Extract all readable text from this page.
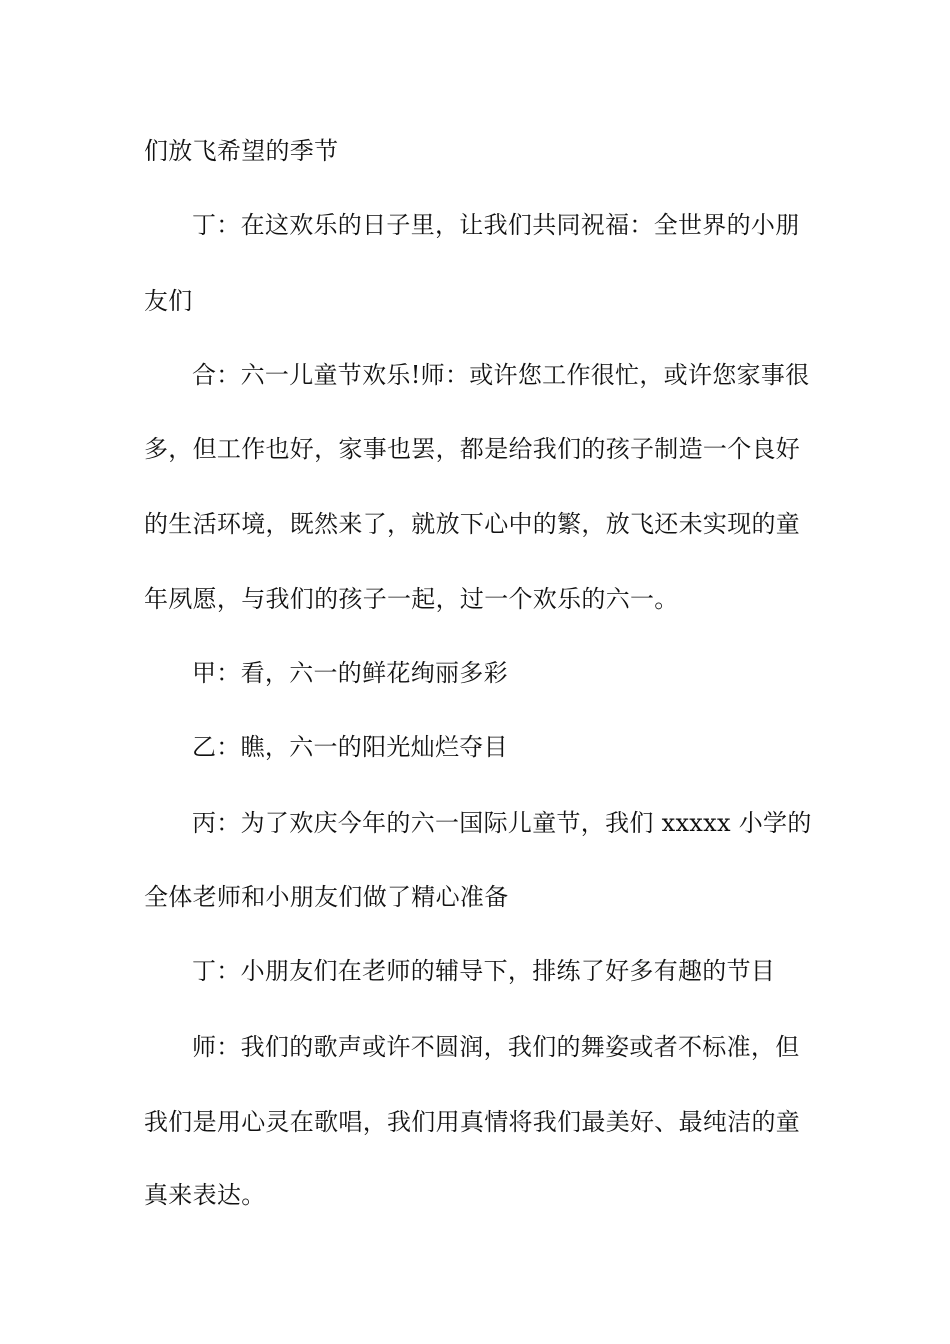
们放飞希望的季节
丁：在这欢乐的日子里，让我们共同祝福：全世界的小朋
友们
合：六一儿童节欢乐!师：或许您工作很忙，或许您家事很
多，但工作也好，家事也罢，都是给我们的孩子制造一个良好
的生活环境，既然来了，就放下心中的繁，放飞还未实现的童
年夙愿，与我们的孩子一起，过一个欢乐的六一。
甲：看，六一的鲜花绚丽多彩
乙：瞧，六一的阳光灿烂夺目
丙：为了欢庆今年的六一国际儿童节，我们 xxxxx 小学的
全体老师和小朋友们做了精心准备
丁：小朋友们在老师的辅导下，排练了好多有趣的节目
师：我们的歌声或许不圆润，我们的舞姿或者不标准，但
我们是用心灵在歌唱，我们用真情将我们最美好、最纯洁的童
真来表达。
